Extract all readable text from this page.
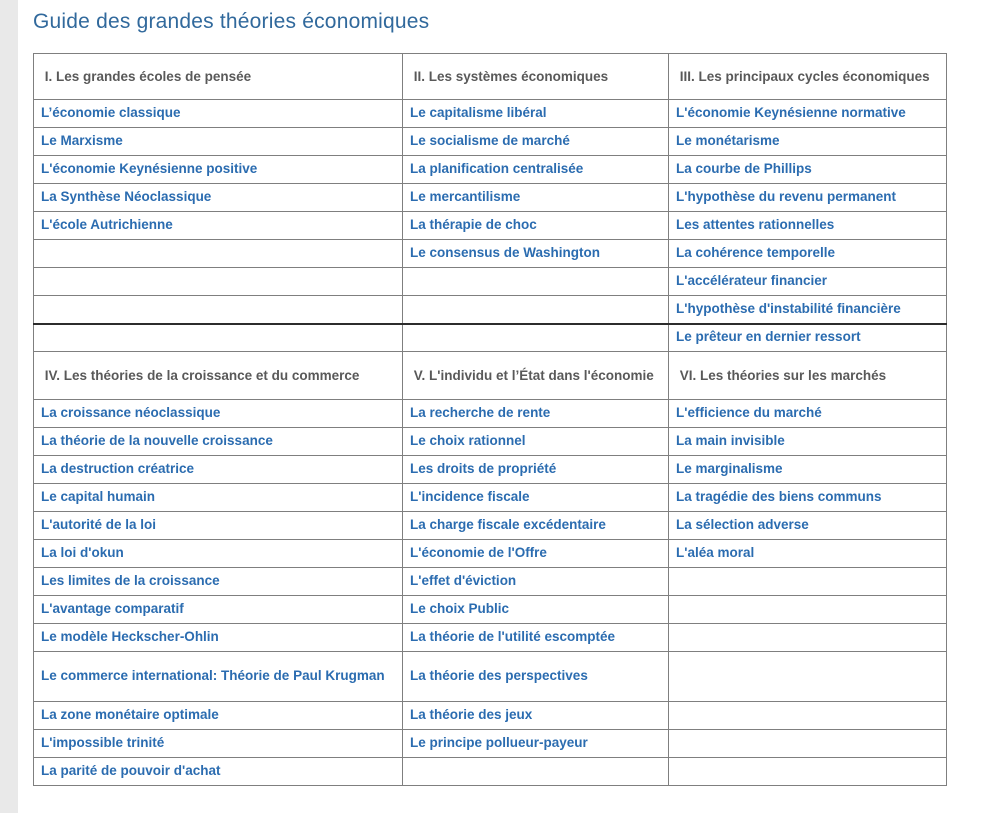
Guide des grandes théories économiques
I. Les grandes écoles de pensée	II. Les systèmes économiques	III. Les principaux cycles économiques
L’économie classique	Le capitalisme libéral	L'économie Keynésienne normative
Le Marxisme	Le socialisme de marché	Le monétarisme
L'économie Keynésienne positive	La planification centralisée	La courbe de Phillips
La Synthèse Néoclassique	Le mercantilisme	L'hypothèse du revenu permanent
L'école Autrichienne	La thérapie de choc	Les attentes rationnelles
	Le consensus de Washington	La cohérence temporelle
		L'accélérateur financier
		L'hypothèse d'instabilité financière
		Le prêteur en dernier ressort
IV. Les théories de la croissance et du commerce	V. L'individu et l’État dans l'économie	VI. Les théories sur les marchés
La croissance néoclassique	La recherche de rente	L'efficience du marché
La théorie de la nouvelle croissance	Le choix rationnel	La main invisible
La destruction créatrice	Les droits de propriété	Le marginalisme
Le capital humain	L'incidence fiscale	La tragédie des biens communs
L'autorité de la loi	La charge fiscale excédentaire	La sélection adverse
La loi d'okun	L'économie de l'Offre	L'aléa moral
Les limites de la croissance	L'effet d'éviction	
L'avantage comparatif	Le choix Public	
Le modèle Heckscher-Ohlin	La théorie de l'utilité escomptée	
Le commerce international: Théorie de Paul Krugman	La théorie des perspectives	
La zone monétaire optimale	La théorie des jeux	
L'impossible trinité	Le principe pollueur-payeur	
La parité de pouvoir d'achat		
